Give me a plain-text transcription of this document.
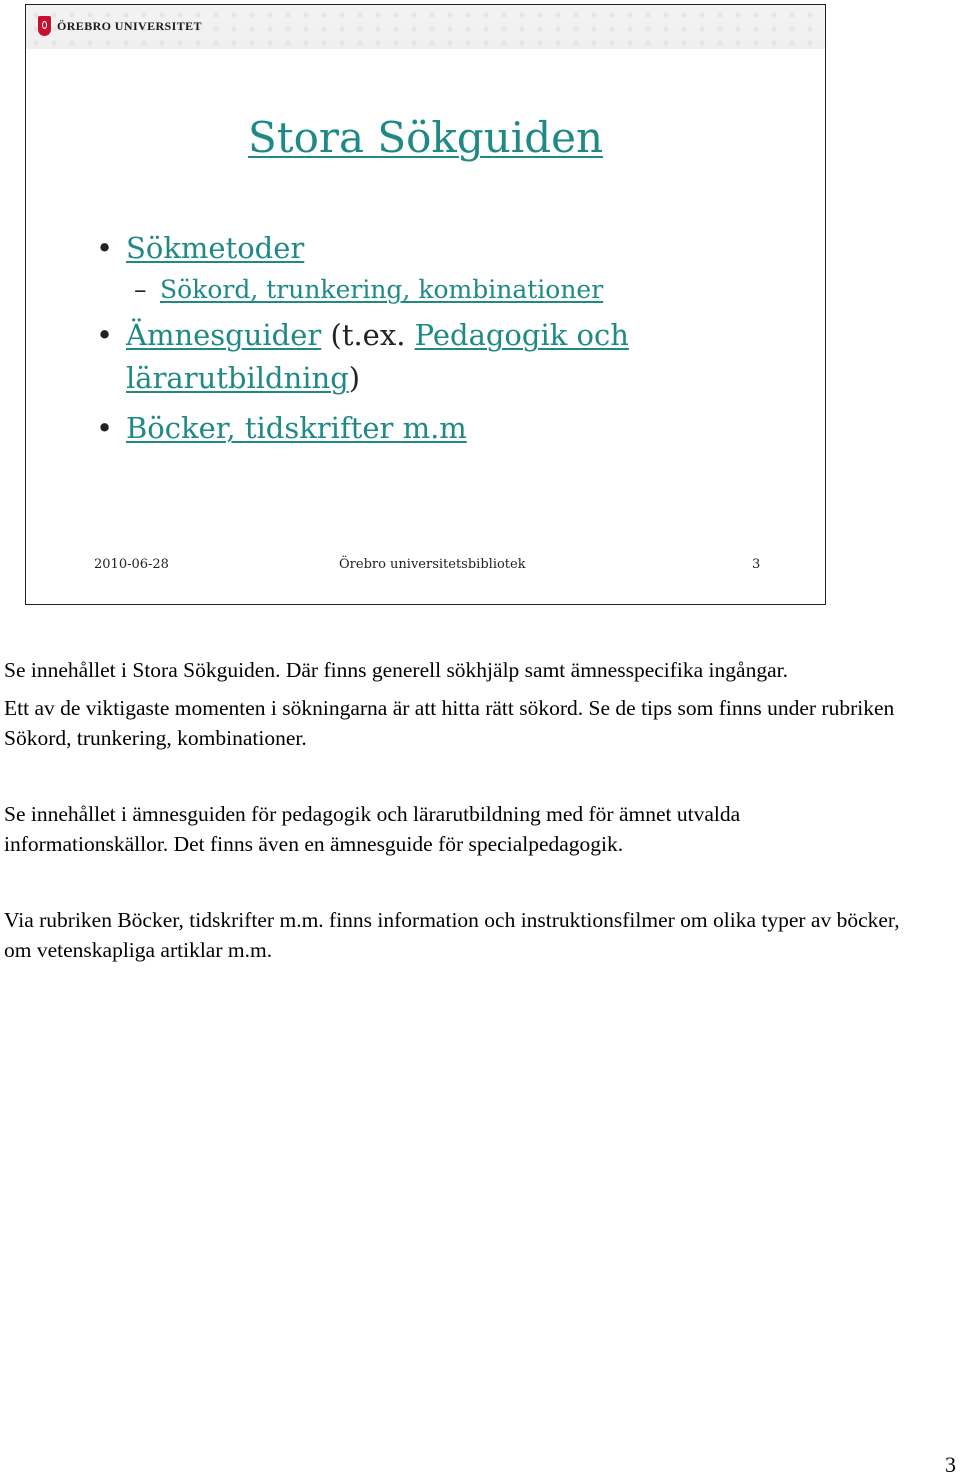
ÖREBRO UNIVERSITET
Stora Sökguiden
• Sökmetoder
– Sökord, trunkering, kombinationer
• Ämnesguider (t.ex. Pedagogik och lärarutbildning)
• Böcker, tidskrifter m.m
2010-06-28	Örebro universitetsbibliotek	3

Se innehållet i Stora Sökguiden. Där finns generell sökhjälp samt ämnesspecifika ingångar.

Ett av de viktigaste momenten i sökningarna är att hitta rätt sökord. Se de tips som finns under rubriken Sökord, trunkering, kombinationer.

Se innehållet i ämnesguiden för pedagogik och lärarutbildning med för ämnet utvalda informationskällor. Det finns även en ämnesguide för specialpedagogik.

Via rubriken Böcker, tidskrifter m.m. finns information och instruktionsfilmer om olika typer av böcker, om vetenskapliga artiklar m.m.

3
